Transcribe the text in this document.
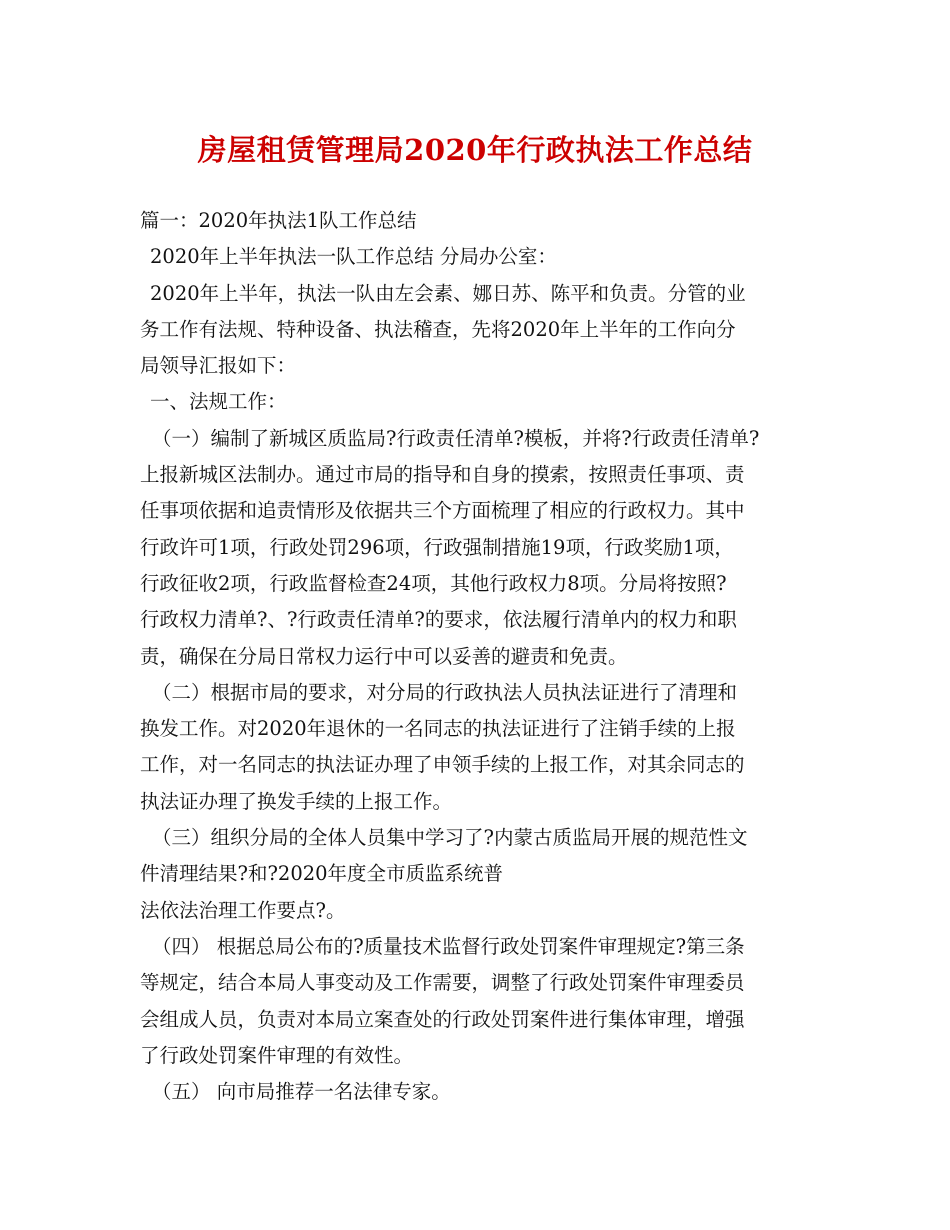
房屋租赁管理局2020年行政执法工作总结
篇一：2020年执法1队工作总结
2020年上半年执法一队工作总结 分局办公室：
2020年上半年，执法一队由左会素、娜日苏、陈平和负责。分管的业
务工作有法规、特种设备、执法稽查，先将2020年上半年的工作向分
局领导汇报如下：
一、法规工作：
（一）编制了新城区质监局?行政责任清单?模板，并将?行政责任清单?
上报新城区法制办。通过市局的指导和自身的摸索，按照责任事项、责
任事项依据和追责情形及依据共三个方面梳理了相应的行政权力。其中
行政许可1项，行政处罚296项，行政强制措施19项，行政奖励1项，
行政征收2项，行政监督检查24项，其他行政权力8项。分局将按照?
行政权力清单?、?行政责任清单?的要求，依法履行清单内的权力和职
责，确保在分局日常权力运行中可以妥善的避责和免责。
（二）根据市局的要求，对分局的行政执法人员执法证进行了清理和
换发工作。对2020年退休的一名同志的执法证进行了注销手续的上报
工作，对一名同志的执法证办理了申领手续的上报工作，对其余同志的
执法证办理了换发手续的上报工作。
（三）组织分局的全体人员集中学习了?内蒙古质监局开展的规范性文
件清理结果?和?2020年度全市质监系统普
法依法治理工作要点?。
（四） 根据总局公布的?质量技术监督行政处罚案件审理规定?第三条
等规定，结合本局人事变动及工作需要，调整了行政处罚案件审理委员
会组成人员，负责对本局立案查处的行政处罚案件进行集体审理，增强
了行政处罚案件审理的有效性。
（五） 向市局推荐一名法律专家。
